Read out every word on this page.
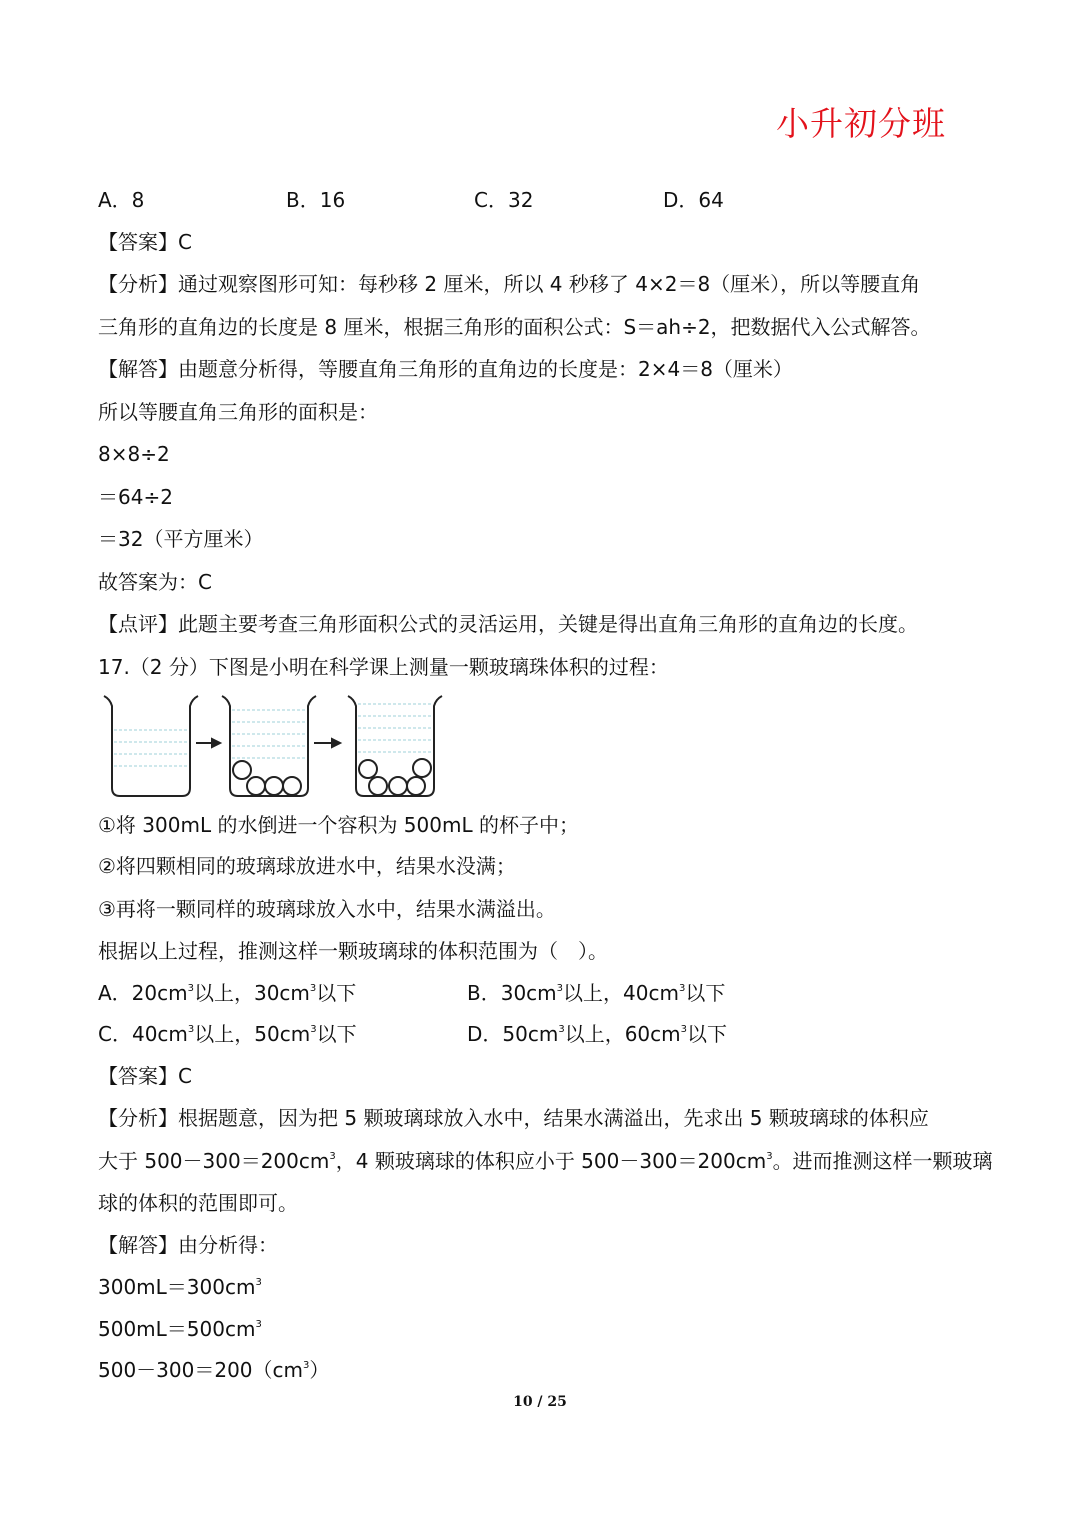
小升初分班
A．8	B．16	C．32	D．64
【答案】C
【分析】通过观察图形可知：每秒移 2 厘米，所以 4 秒移了 4×2＝8（厘米），所以等腰直角
三角形的直角边的长度是 8 厘米，根据三角形的面积公式：S＝ah÷2，把数据代入公式解答。
【解答】由题意分析得，等腰直角三角形的直角边的长度是：2×4＝8（厘米）
所以等腰直角三角形的面积是：
8×8÷2
＝64÷2
＝32（平方厘米）
故答案为：C
【点评】此题主要考查三角形面积公式的灵活运用，关键是得出直角三角形的直角边的长度。
17.（2 分）下图是小明在科学课上测量一颗玻璃珠体积的过程：
①将 300mL 的水倒进一个容积为 500mL 的杯子中；
②将四颗相同的玻璃球放进水中，结果水没满；
③再将一颗同样的玻璃球放入水中，结果水满溢出。
根据以上过程，推测这样一颗玻璃球的体积范围为（　）。
A．$20cm^3$以上，$30cm^3$以下	B．$30cm^3$以上，$40cm^3$以下
C．$40cm^3$以上，$50cm^3$以下	D．$50cm^3$以上，$60cm^3$以下
【答案】C
【分析】根据题意，因为把 5 颗玻璃球放入水中，结果水满溢出，先求出 5 颗玻璃球的体积应
大于 $500-300=200cm^3$，4 颗玻璃球的体积应小于 $500-300=200cm^3$。进而推测这样一颗玻璃
球的体积的范围即可。
【解答】由分析得：
$300mL=300cm^3$
$500mL=500cm^3$
$500-300=200(cm^3)$
10 / 25
